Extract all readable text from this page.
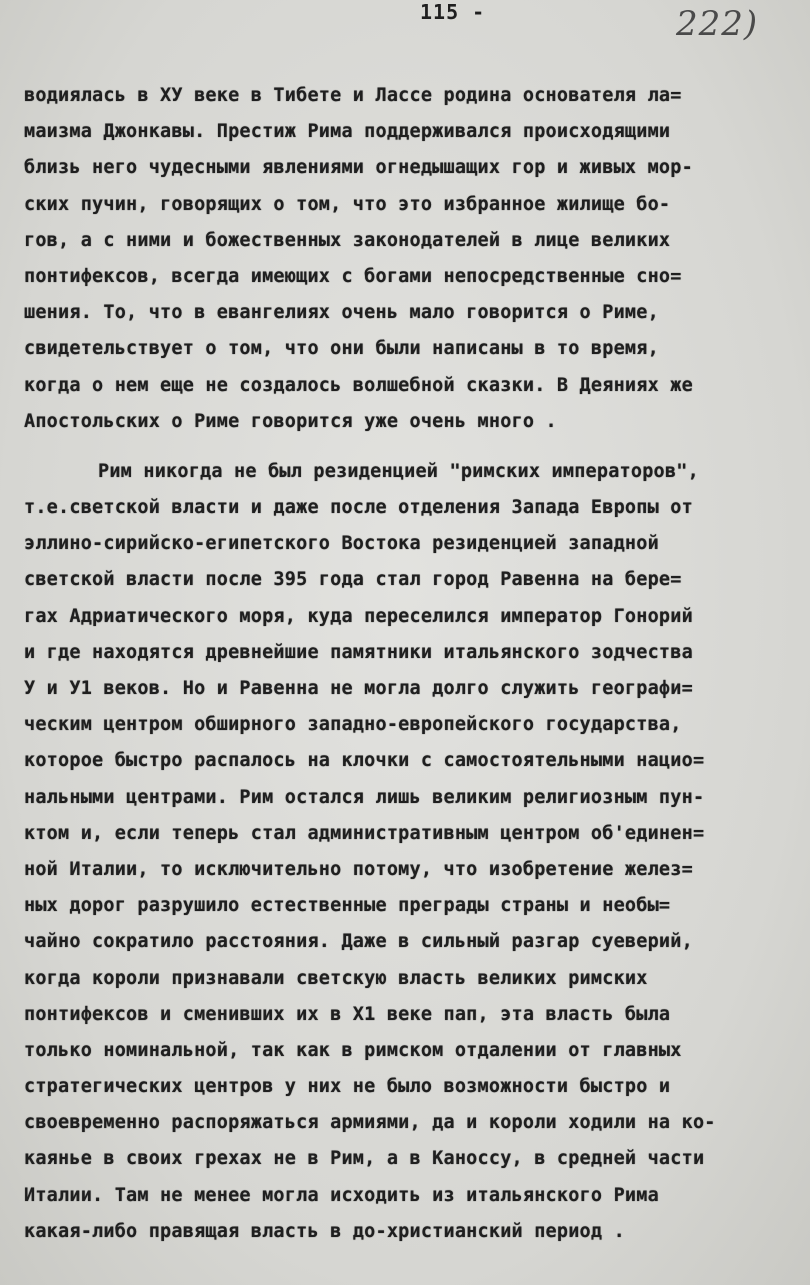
115 -	222)
водиялась в ХУ веке в Тибете и Лассе родина основателя ла=
маизма Джонкавы. Престиж Рима поддерживался происходящими
близь него чудесными явлениями огнедышащих гор и живых мор-
ских пучин, говорящих о том, что это избранное жилище бо-
гов, а с ними и божественных законодателей в лице великих
понтифексов, всегда имеющих с богами непосредственные сно=
шения. То, что в евангелиях очень мало говорится о Риме,
свидетельствует о том, что они были написаны в то время,
когда о нем еще не создалось волшебной сказки. В Деяниях же
Апостольских о Риме говорится уже очень много .
Рим никогда не был резиденцией "римских императоров",
т.е.светской власти и даже после отделения Запада Европы от
эллино-сирийско-египетского Востока резиденцией западной
светской власти после 395 года стал город Равенна на бере=
гах Адриатического моря, куда переселился император Гонорий
и где находятся древнейшие памятники итальянского зодчества
У и У1 веков. Но и Равенна не могла долго служить географи=
ческим центром обширного западно-европейского государства,
которое быстро распалось на клочки с самостоятельными нацио=
нальными центрами. Рим остался лишь великим религиозным пун-
ктом и, если теперь стал административным центром об'единен=
ной Италии, то исключительно потому, что изобретение желез=
ных дорог разрушило естественные преграды страны и необы=
чайно сократило расстояния. Даже в сильный разгар суеверий,
когда короли признавали светскую власть великих римских
понтифексов и сменивших их в Х1 веке пап, эта власть была
только номинальной, так как в римском отдалении от главных
стратегических центров у них не было возможности быстро и
своевременно распоряжаться армиями, да и короли ходили на ко-
каянье в своих грехах не в Рим, а в Каноссу, в средней части
Италии. Там не менее могла исходить из итальянского Рима
какая-либо правящая власть в до-христианский период .
